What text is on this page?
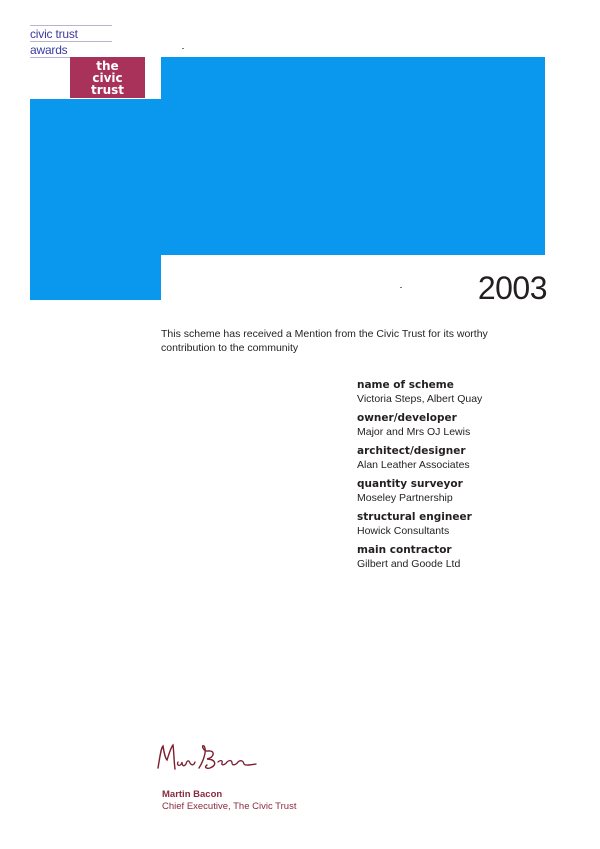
civic trust
awards
the
civic
trust
2003
This scheme has received a Mention from the Civic Trust for its worthy contribution to the community
name of scheme
Victoria Steps, Albert Quay
owner/developer
Major and Mrs OJ Lewis
architect/designer
Alan Leather Associates
quantity surveyor
Moseley Partnership
structural engineer
Howick Consultants
main contractor
Gilbert and Goode Ltd
Martin Bacon
Chief Executive, The Civic Trust
